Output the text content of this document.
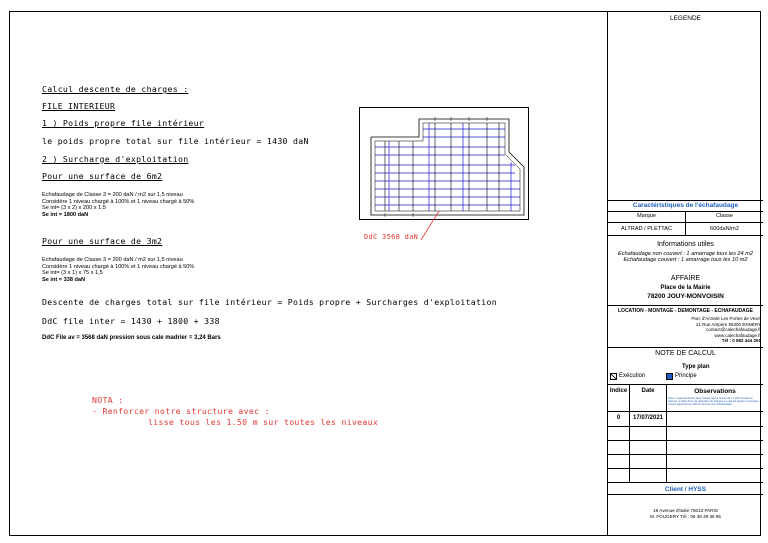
Calcul descente de charges :
FILE INTERIEUR
1 ) Poids propre file intérieur
le poids propre total sur file intérieur = 1430 daN
2 ) Surcharge d'exploitation
Pour une surface de 6m2
Echafaudage de Classe 3 = 200 daN / m2 sur 1,5 niveau
Considère 1 niveau chargé à 100% et 1 niveau chargé à 50%
Se int= (3 x 2) x 200 x 1,5
Se int = 1800 daN
Pour une surface de 3m2
Echafaudage de Classe 3 = 200 daN / m2 sur 1,5 niveau
Considère 1 niveau chargé à 100% et 1 niveau chargé à 50%
Se int= (3 x 1) x 75 x 1,5
Se int = 338 daN
Descente de charges total sur file intérieur = Poids propre + Surcharges d'exploitation
DdC file inter = 1430 + 1800 + 338
DdC File av = 3568 daN pression sous cale madrier = 3,24 Bars
NOTA :
- Renforcer notre structure avec :
lisse tous les 1.50 m sur toutes les niveaux
DdC 3568 daN
LEGENDE
Caractéristiques de l'échafaudage
Marque	Classe
ALTRAD / PLETTAC	600daN/m2
Informations utiles
Echafaudage non couvert : 1 amarrage tous les 24 m2
Echafaudage couvert : 1 amarrage tous les 10 m2
AFFAIRE
Place de la Mairie
78200 JOUY-MONVOISIN
LOCATION - MONTAGE - DEMONTAGE - ECHAFAUDAGE
Parc d'Activité Les Portes de Vexin
21 Rue Ampère 95300 ENNERY
contact@calechafaudage.fr
www.calechafaudage.fr
Tél : 0 982 444 261
NOTE DE CALCUL
Type plan
Exécution	Principe
Indice	Date	Observations
Nota : L'appareil donné dans chaque pied à reculer de 1 / 100 montant ou colonne, à l'aide d'une de répartition de charges ou calé les appuis et ancrages suivant supporter les efforts transmis par l'échafaudage.
0	17/07/2021
Client / HYSS
19 Avenue d'Italie 75013 PARIS
M. FOUGERY Tél : 06 38 49 36 85
